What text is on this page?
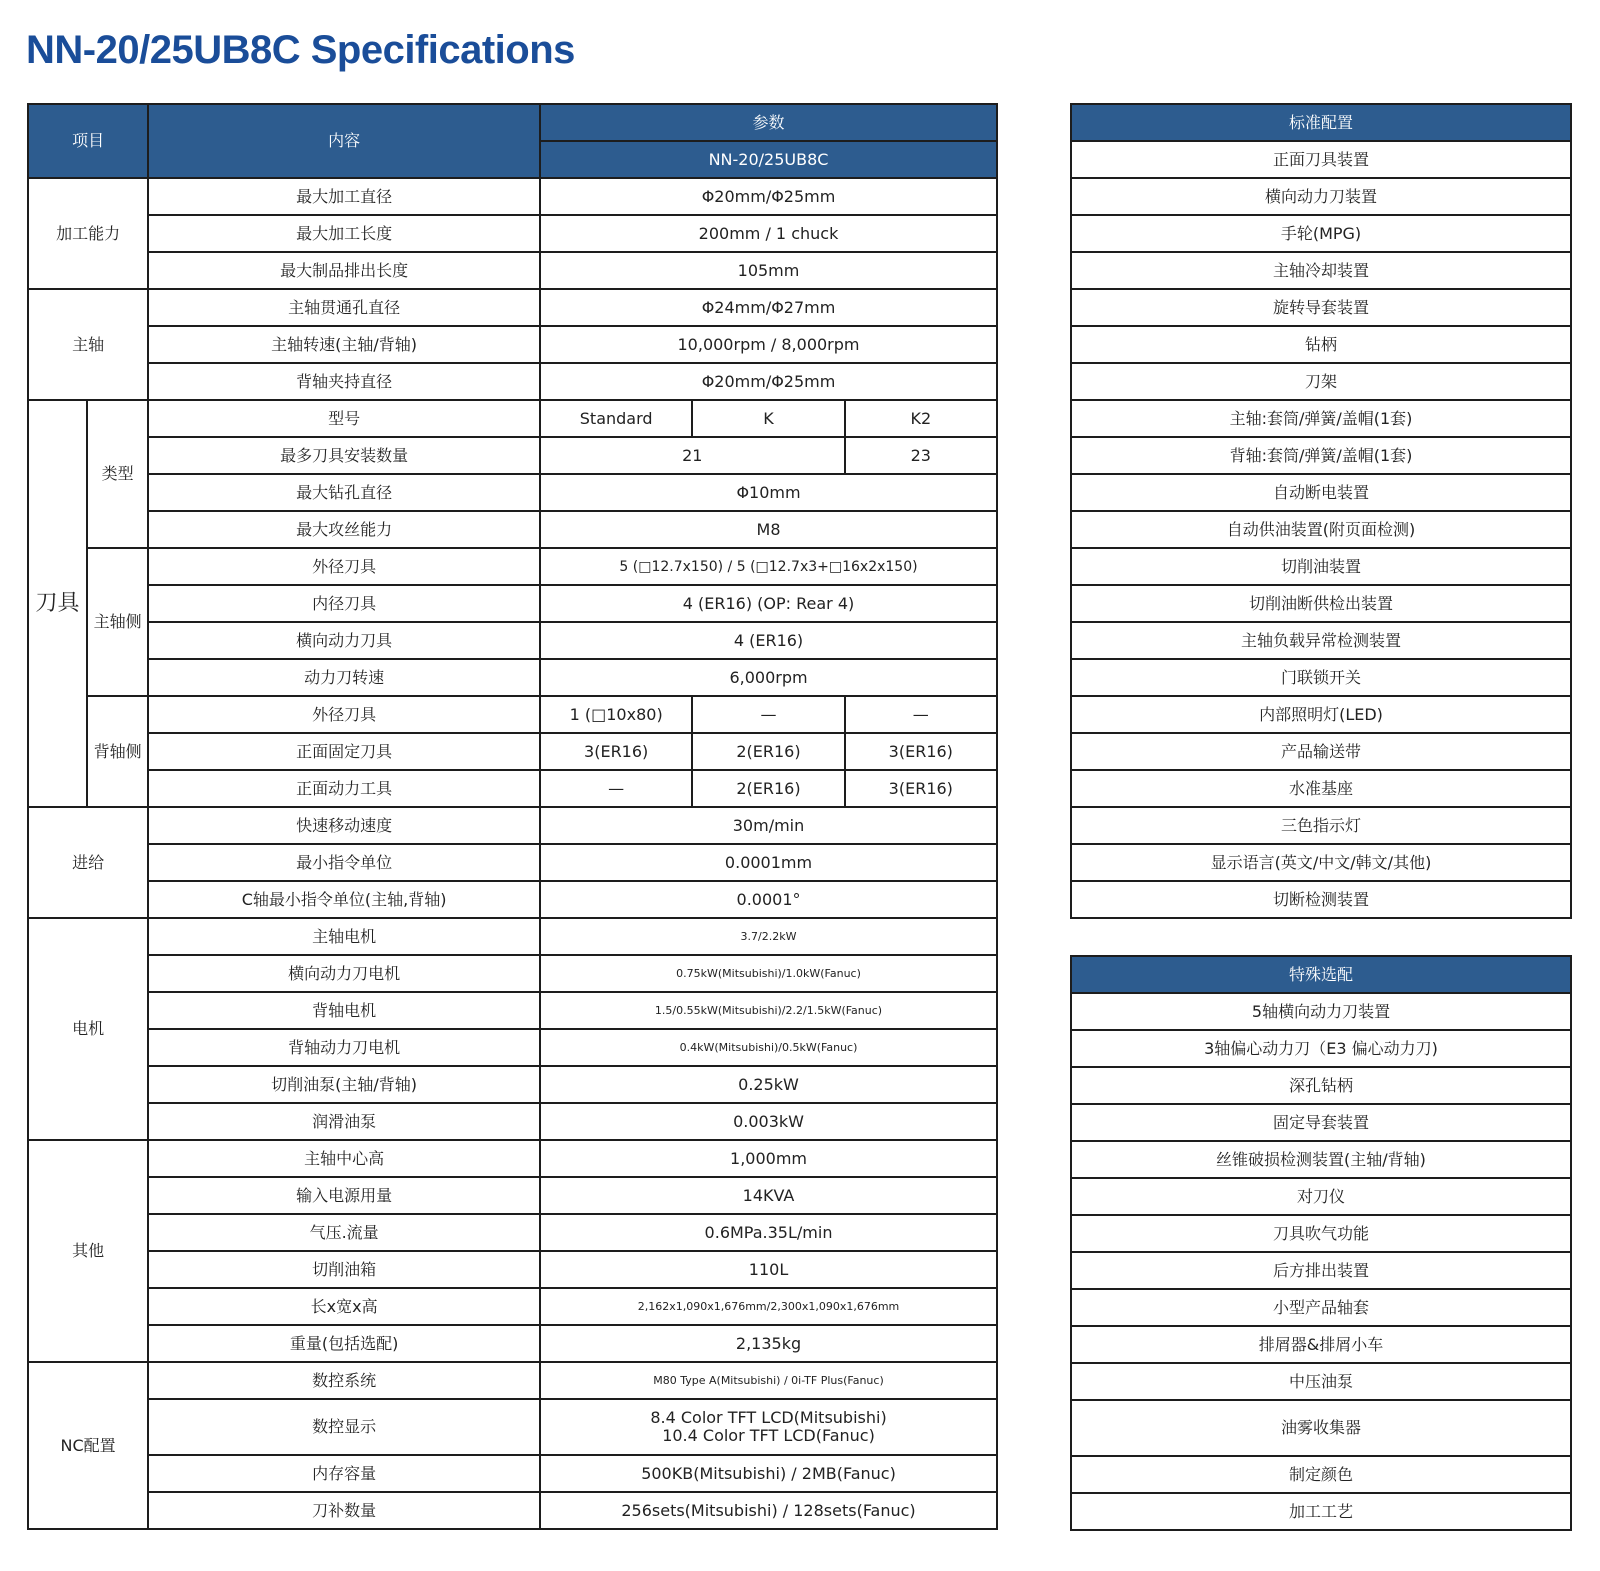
NN-20/25UB8C Specifications
项目		内容	参数		
			NN-20/25UB8C		
加工能力		最大加工直径	Φ20mm/Φ25mm		
		最大加工长度	200mm / 1 chuck		
		最大制品排出长度	105mm		
主轴		主轴贯通孔直径	Φ24mm/Φ27mm		
		主轴转速(主轴/背轴)	10,000rpm / 8,000rpm		
		背轴夹持直径	Φ20mm/Φ25mm		
刀具	类型	型号	Standard	K	K2
		最多刀具安装数量	21		23
		最大钻孔直径	Φ10mm		
		最大攻丝能力	M8		
	主轴侧	外径刀具	5 (□12.7x150) / 5 (□12.7x3+□16x2x150)		
		内径刀具	4 (ER16) (OP: Rear 4)		
		横向动力刀具	4 (ER16)		
		动力刀转速	6,000rpm		
	背轴侧	外径刀具	1 (□10x80)	—	—
		正面固定刀具	3(ER16)	2(ER16)	3(ER16)
		正面动力工具	—	2(ER16)	3(ER16)
进给		快速移动速度	30m/min		
		最小指令单位	0.0001mm		
		C轴最小指令单位(主轴,背轴)	0.0001°		
电机		主轴电机	3.7/2.2kW		
		横向动力刀电机	0.75kW(Mitsubishi)/1.0kW(Fanuc)		
		背轴电机	1.5/0.55kW(Mitsubishi)/2.2/1.5kW(Fanuc)		
		背轴动力刀电机	0.4kW(Mitsubishi)/0.5kW(Fanuc)		
		切削油泵(主轴/背轴)	0.25kW		
		润滑油泵	0.003kW		
其他		主轴中心高	1,000mm		
		输入电源用量	14KVA		
		气压.流量	0.6MPa.35L/min		
		切削油箱	110L		
		长x宽x高	2,162x1,090x1,676mm/2,300x1,090x1,676mm		
		重量(包括选配)	2,135kg		
NC配置		数控系统	M80 Type A(Mitsubishi) / 0i-TF Plus(Fanuc)		
		数控显示	8.4 Color TFT LCD(Mitsubishi)
10.4 Color TFT LCD(Fanuc)		

		内存容量	500KB(Mitsubishi) / 2MB(Fanuc)		
		刀补数量	256sets(Mitsubishi) / 128sets(Fanuc)		
标准配置
正面刀具装置
横向动力刀装置
手轮(MPG)
主轴冷却装置
旋转导套装置
钻柄
刀架
主轴:套筒/弹簧/盖帽(1套)
背轴:套筒/弹簧/盖帽(1套)
自动断电装置
自动供油装置(附页面检测)
切削油装置
切削油断供检出装置
主轴负载异常检测装置
门联锁开关
内部照明灯(LED)
产品输送带
水准基座
三色指示灯
显示语言(英文/中文/韩文/其他)
切断检测装置
特殊选配
5轴横向动力刀装置
3轴偏心动力刀（E3 偏心动力刀)
深孔钻柄
固定导套装置
丝锥破损检测装置(主轴/背轴)
对刀仪
刀具吹气功能
后方排出装置
小型产品轴套
排屑器&排屑小车
中压油泵
油雾收集器
制定颜色
加工工艺
